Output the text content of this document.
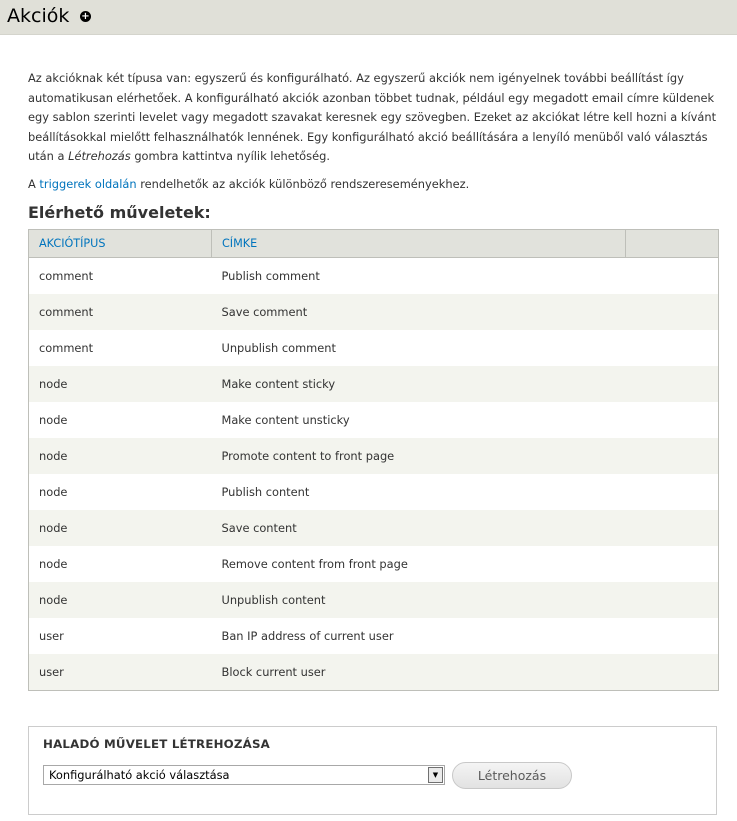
Akciók +

Az akcióknak két típusa van: egyszerű és konfigurálható. Az egyszerű akciók nem igényelnek további beállítást így automatikusan elérhetőek. A konfigurálható akciók azonban többet tudnak, például egy megadott email címre küldenek egy sablon szerinti levelet vagy megadott szavakat keresnek egy szövegben. Ezeket az akciókat létre kell hozni a kívánt beállításokkal mielőtt felhasználhatók lennének. Egy konfigurálható akció beállítására a lenyíló menüből való választás után a Létrehozás gombra kattintva nyílik lehetőség.

A triggerek oldalán rendelhetők az akciók különböző rendszereseményekhez.

Elérhető műveletek:
AKCIÓTÍPUS	CÍMKE	
comment	Publish comment	
comment	Save comment	
comment	Unpublish comment	
node	Make content sticky	
node	Make content unsticky	
node	Promote content to front page	
node	Publish content	
node	Save content	
node	Remove content from front page	
node	Unpublish content	
user	Ban IP address of current user	
user	Block current user	
HALADÓ MŰVELET LÉTREHOZÁSA
Konfigurálható akció választása	▼	Létrehozás
